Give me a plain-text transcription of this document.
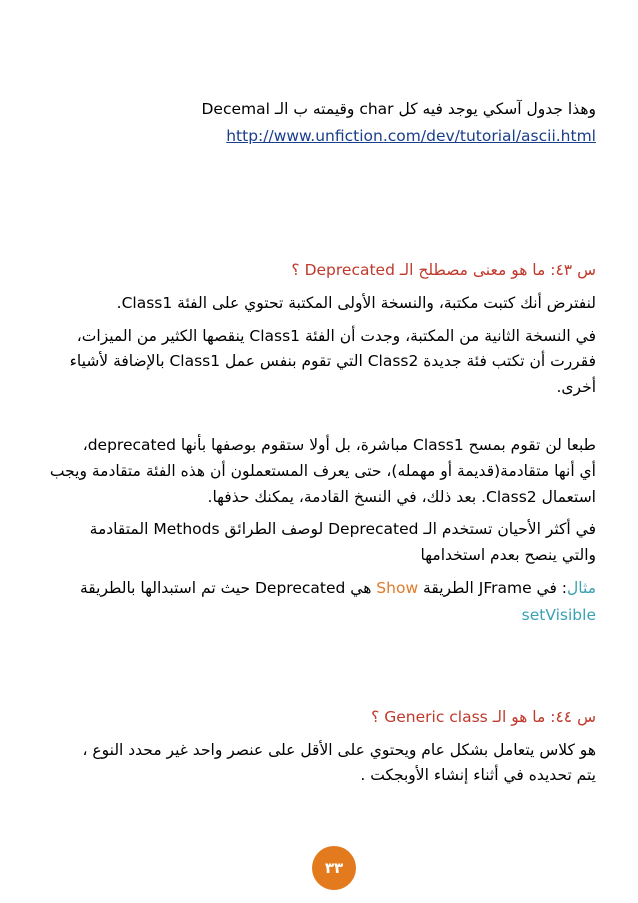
وهذا جدول آسكي يوجد فيه كل char وقيمته ب الـ Decemal
http://www.unfiction.com/dev/tutorial/ascii.html
س ٤٣: ما هو معنى مصطلح الـ Deprecated ؟
لنفترض أنك كتبت مكتبة، والنسخة الأولى المكتبة تحتوي على الفئة Class1.
في النسخة الثانية من المكتبة، وجدت أن الفئة Class1 ينقصها الكثير من الميزات،
فقررت أن تكتب فئة جديدة Class2 التي تقوم بنفس عمل Class1 بالإضافة لأشياء
أخرى.
طبعا لن تقوم بمسح Class1 مباشرة، بل أولا ستقوم بوصفها بأنها deprecated،
أي أنها متقادمة(قديمة أو مهمله)، حتى يعرف المستعملون أن هذه الفئة متقادمة ويجب
استعمال Class2. بعد ذلك، في النسخ القادمة، يمكنك حذفها.
في أكثر الأحيان تستخدم الـ Deprecated لوصف الطرائق Methods المتقادمة
والتي ينصح بعدم استخدامها
مثال: في JFrame الطريقة Show هي Deprecated حيث تم استبدالها بالطريقة
setVisible
س ٤٤: ما هو الـ Generic class ؟
هو كلاس يتعامل بشكل عام ويحتوي على الأقل على عنصر واحد غير محدد النوع ،
يتم تحديده في أثناء إنشاء الأوبجكت .
٣٣
